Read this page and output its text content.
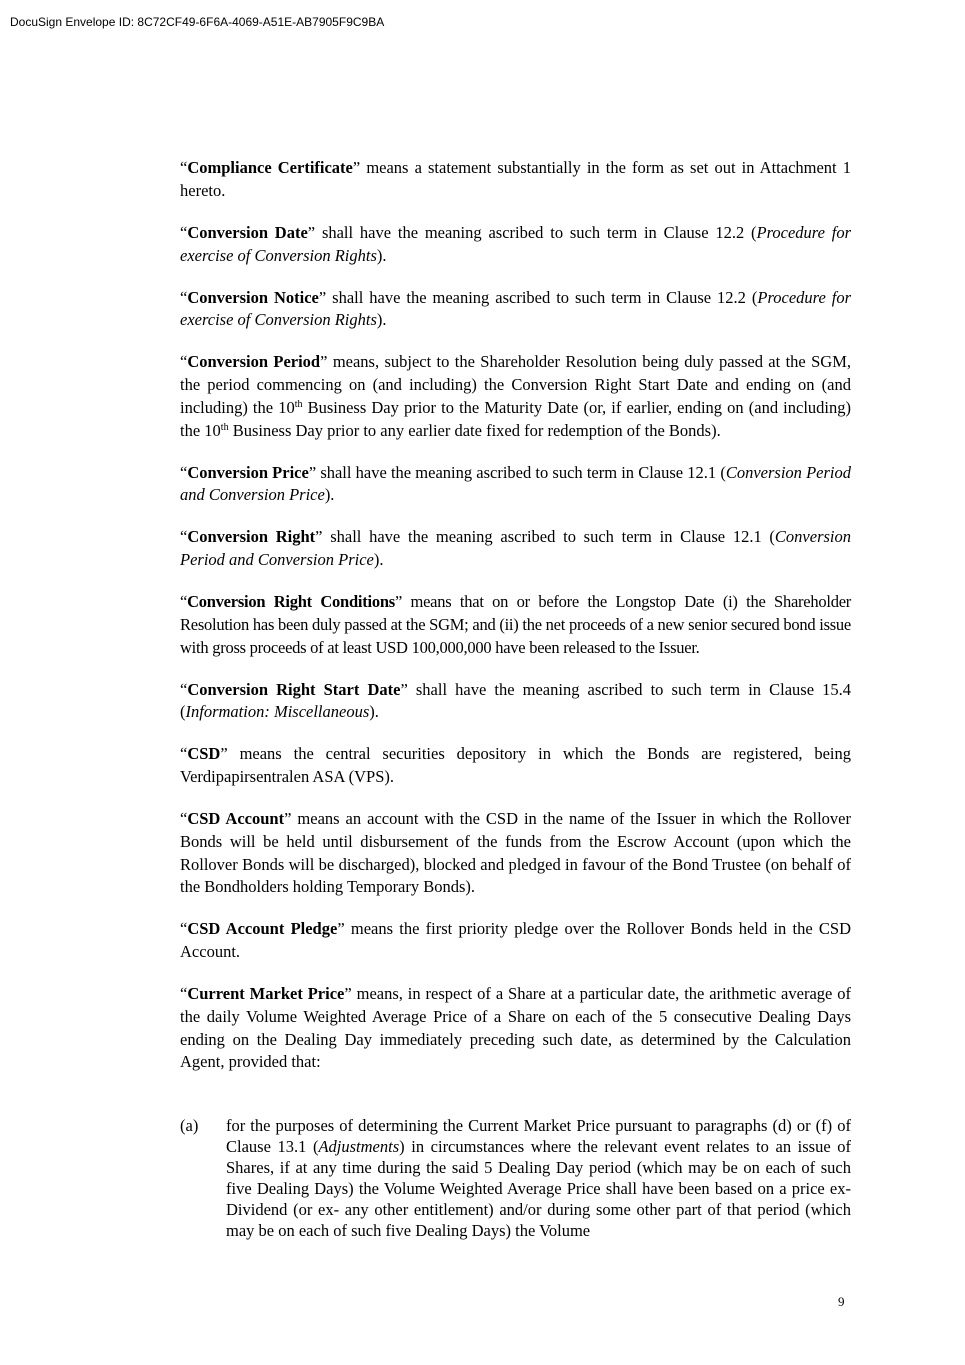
DocuSign Envelope ID: 8C72CF49-6F6A-4069-A51E-AB7905F9C9BA

“Compliance Certificate” means a statement substantially in the form as set out in Attachment 1 hereto.

“Conversion Date” shall have the meaning ascribed to such term in Clause 12.2 (Procedure for exercise of Conversion Rights).

“Conversion Notice” shall have the meaning ascribed to such term in Clause 12.2 (Procedure for exercise of Conversion Rights).

“Conversion Period” means, subject to the Shareholder Resolution being duly passed at the SGM, the period commencing on (and including) the Conversion Right Start Date and ending on (and including) the 10th Business Day prior to the Maturity Date (or, if earlier, ending on (and including) the 10th Business Day prior to any earlier date fixed for redemption of the Bonds).

“Conversion Price” shall have the meaning ascribed to such term in Clause 12.1 (Conversion Period and Conversion Price).

“Conversion Right” shall have the meaning ascribed to such term in Clause 12.1 (Conversion Period and Conversion Price).

“Conversion Right Conditions” means that on or before the Longstop Date (i) the Shareholder Resolution has been duly passed at the SGM; and (ii) the net proceeds of a new senior secured bond issue with gross proceeds of at least USD 100,000,000 have been released to the Issuer.

“Conversion Right Start Date” shall have the meaning ascribed to such term in Clause 15.4 (Information: Miscellaneous).

“CSD” means the central securities depository in which the Bonds are registered, being Verdipapirsentralen ASA (VPS).

“CSD Account” means an account with the CSD in the name of the Issuer in which the Rollover Bonds will be held until disbursement of the funds from the Escrow Account (upon which the Rollover Bonds will be discharged), blocked and pledged in favour of the Bond Trustee (on behalf of the Bondholders holding Temporary Bonds).

“CSD Account Pledge” means the first priority pledge over the Rollover Bonds held in the CSD Account.

“Current Market Price” means, in respect of a Share at a particular date, the arithmetic average of the daily Volume Weighted Average Price of a Share on each of the 5 consecutive Dealing Days ending on the Dealing Day immediately preceding such date, as determined by the Calculation Agent, provided that:

(a) for the purposes of determining the Current Market Price pursuant to paragraphs (d) or (f) of Clause 13.1 (Adjustments) in circumstances where the relevant event relates to an issue of Shares, if at any time during the said 5 Dealing Day period (which may be on each of such five Dealing Days) the Volume Weighted Average Price shall have been based on a price ex-Dividend (or ex- any other entitlement) and/or during some other part of that period (which may be on each of such five Dealing Days) the Volume
9
